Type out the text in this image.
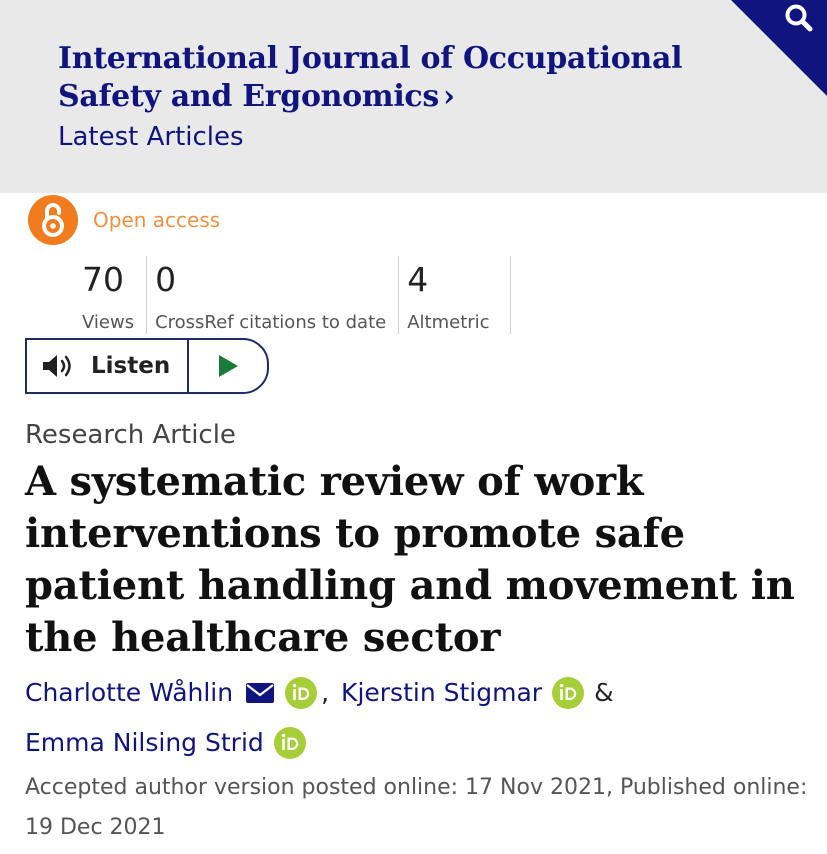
International Journal of Occupational
Safety and Ergonomics ›
Latest Articles
Open access
70
Views
0
CrossRef citations to date
4
Altmetric
Listen
Research Article
A systematic review of work
interventions to promote safe
patient handling and movement in
the healthcare sector
Charlotte Wåhlin	, Kjerstin Stigmar &
Emma Nilsing Strid
Accepted author version posted online: 17 Nov 2021, Published online:
19 Dec 2021
